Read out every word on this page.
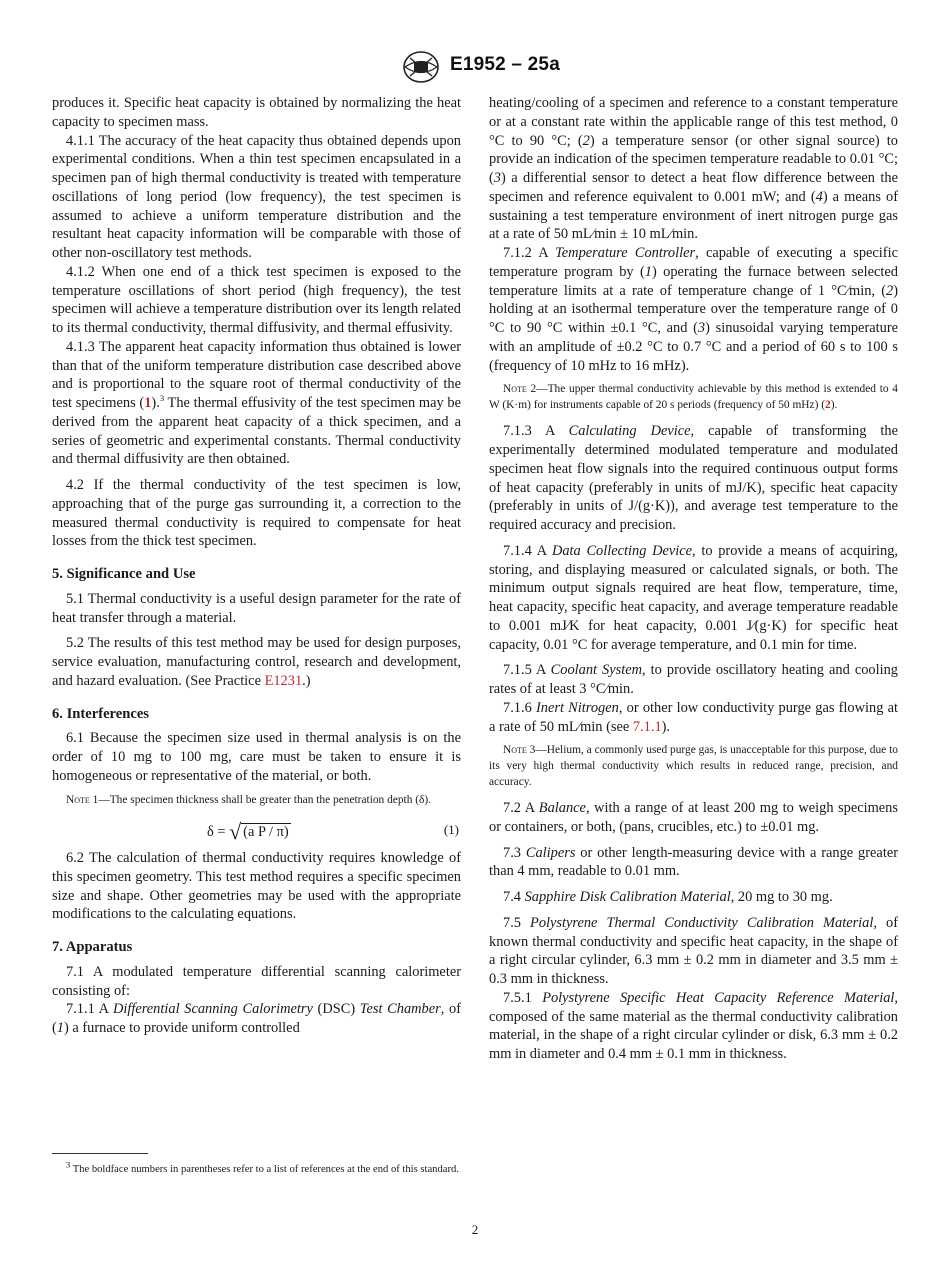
E1952 – 25a

produces it. Specific heat capacity is obtained by normalizing the heat capacity to specimen mass.

4.1.1 The accuracy of the heat capacity thus obtained depends upon experimental conditions. When a thin test specimen encapsulated in a specimen pan of high thermal conductivity is treated with temperature oscillations of long period (low frequency), the test specimen is assumed to achieve a uniform temperature distribution and the resultant heat capacity information will be comparable with those of other non-oscillatory test methods.

4.1.2 When one end of a thick test specimen is exposed to the temperature oscillations of short period (high frequency), the test specimen will achieve a temperature distribution over its length related to its thermal conductivity, thermal diffusivity, and thermal effusivity.

4.1.3 The apparent heat capacity information thus obtained is lower than that of the uniform temperature distribution case described above and is proportional to the square root of thermal conductivity of the test specimens (1).$^3$ The thermal effusivity of the test specimen may be derived from the apparent heat capacity of a thick specimen, and a series of geometric and experimental constants. Thermal conductivity and thermal diffusivity are then obtained.

4.2 If the thermal conductivity of the test specimen is low, approaching that of the purge gas surrounding it, a correction to the measured thermal conductivity is required to compensate for heat losses from the thick test specimen.

5. Significance and Use

5.1 Thermal conductivity is a useful design parameter for the rate of heat transfer through a material.

5.2 The results of this test method may be used for design purposes, service evaluation, manufacturing control, research and development, and hazard evaluation. (See Practice E1231.)

6. Interferences

6.1 Because the specimen size used in thermal analysis is on the order of 10 mg to 100 mg, care must be taken to ensure it is homogeneous or representative of the material, or both.

Note 1—The specimen thickness shall be greater than the penetration depth (δ).

δ = √ (a P / π)	(1)

6.2 The calculation of thermal conductivity requires knowledge of this specimen geometry. This test method requires a specific specimen size and shape. Other geometries may be used with the appropriate modifications to the calculating equations.

7. Apparatus

7.1 A modulated temperature differential scanning calorimeter consisting of:

7.1.1 A Differential Scanning Calorimetry (DSC) Test Chamber, of (1) a furnace to provide uniform controlled

heating/cooling of a specimen and reference to a constant temperature or at a constant rate within the applicable range of this test method, 0 °C to 90 °C; (2) a temperature sensor (or other signal source) to provide an indication of the specimen temperature readable to 0.01 °C; (3) a differential sensor to detect a heat flow difference between the specimen and reference equivalent to 0.001 mW; and (4) a means of sustaining a test temperature environment of inert nitrogen purge gas at a rate of 50 mL⁄min ± 10 mL⁄min.

7.1.2 A Temperature Controller, capable of executing a specific temperature program by (1) operating the furnace between selected temperature limits at a rate of temperature change of 1 °C⁄min, (2) holding at an isothermal temperature over the temperature range of 0 °C to 90 °C within ±0.1 °C, and (3) sinusoidal varying temperature with an amplitude of ±0.2 °C to 0.7 °C and a period of 60 s to 100 s (frequency of 10 mHz to 16 mHz).

Note 2—The upper thermal conductivity achievable by this method is extended to 4 W (K·m) for instruments capable of 20 s periods (frequency of 50 mHz) (2).

7.1.3 A Calculating Device, capable of transforming the experimentally determined modulated temperature and modulated specimen heat flow signals into the required continuous output forms of heat capacity (preferably in units of mJ/K), specific heat capacity (preferably in units of J/(g·K)), and average test temperature to the required accuracy and precision.

7.1.4 A Data Collecting Device, to provide a means of acquiring, storing, and displaying measured or calculated signals, or both. The minimum output signals required are heat flow, temperature, time, heat capacity, specific heat capacity, and average temperature readable to 0.001 mJ⁄K for heat capacity, 0.001 J⁄(g·K) for specific heat capacity, 0.01 °C for average temperature, and 0.1 min for time.

7.1.5 A Coolant System, to provide oscillatory heating and cooling rates of at least 3 °C⁄min.

7.1.6 Inert Nitrogen, or other low conductivity purge gas flowing at a rate of 50 mL⁄min (see 7.1.1).

Note 3—Helium, a commonly used purge gas, is unacceptable for this purpose, due to its very high thermal conductivity which results in reduced range, precision, and accuracy.

7.2 A Balance, with a range of at least 200 mg to weigh specimens or containers, or both, (pans, crucibles, etc.) to ±0.01 mg.

7.3 Calipers or other length-measuring device with a range greater than 4 mm, readable to 0.01 mm.

7.4 Sapphire Disk Calibration Material, 20 mg to 30 mg.

7.5 Polystyrene Thermal Conductivity Calibration Material, of known thermal conductivity and specific heat capacity, in the shape of a right circular cylinder, 6.3 mm ± 0.2 mm in diameter and 3.5 mm ± 0.3 mm in thickness.

7.5.1 Polystyrene Specific Heat Capacity Reference Material, composed of the same material as the thermal conductivity calibration material, in the shape of a right circular cylinder or disk, 6.3 mm ± 0.2 mm in diameter and 0.4 mm ± 0.1 mm in thickness.

$^3$ The boldface numbers in parentheses refer to a list of references at the end of this standard.
2
